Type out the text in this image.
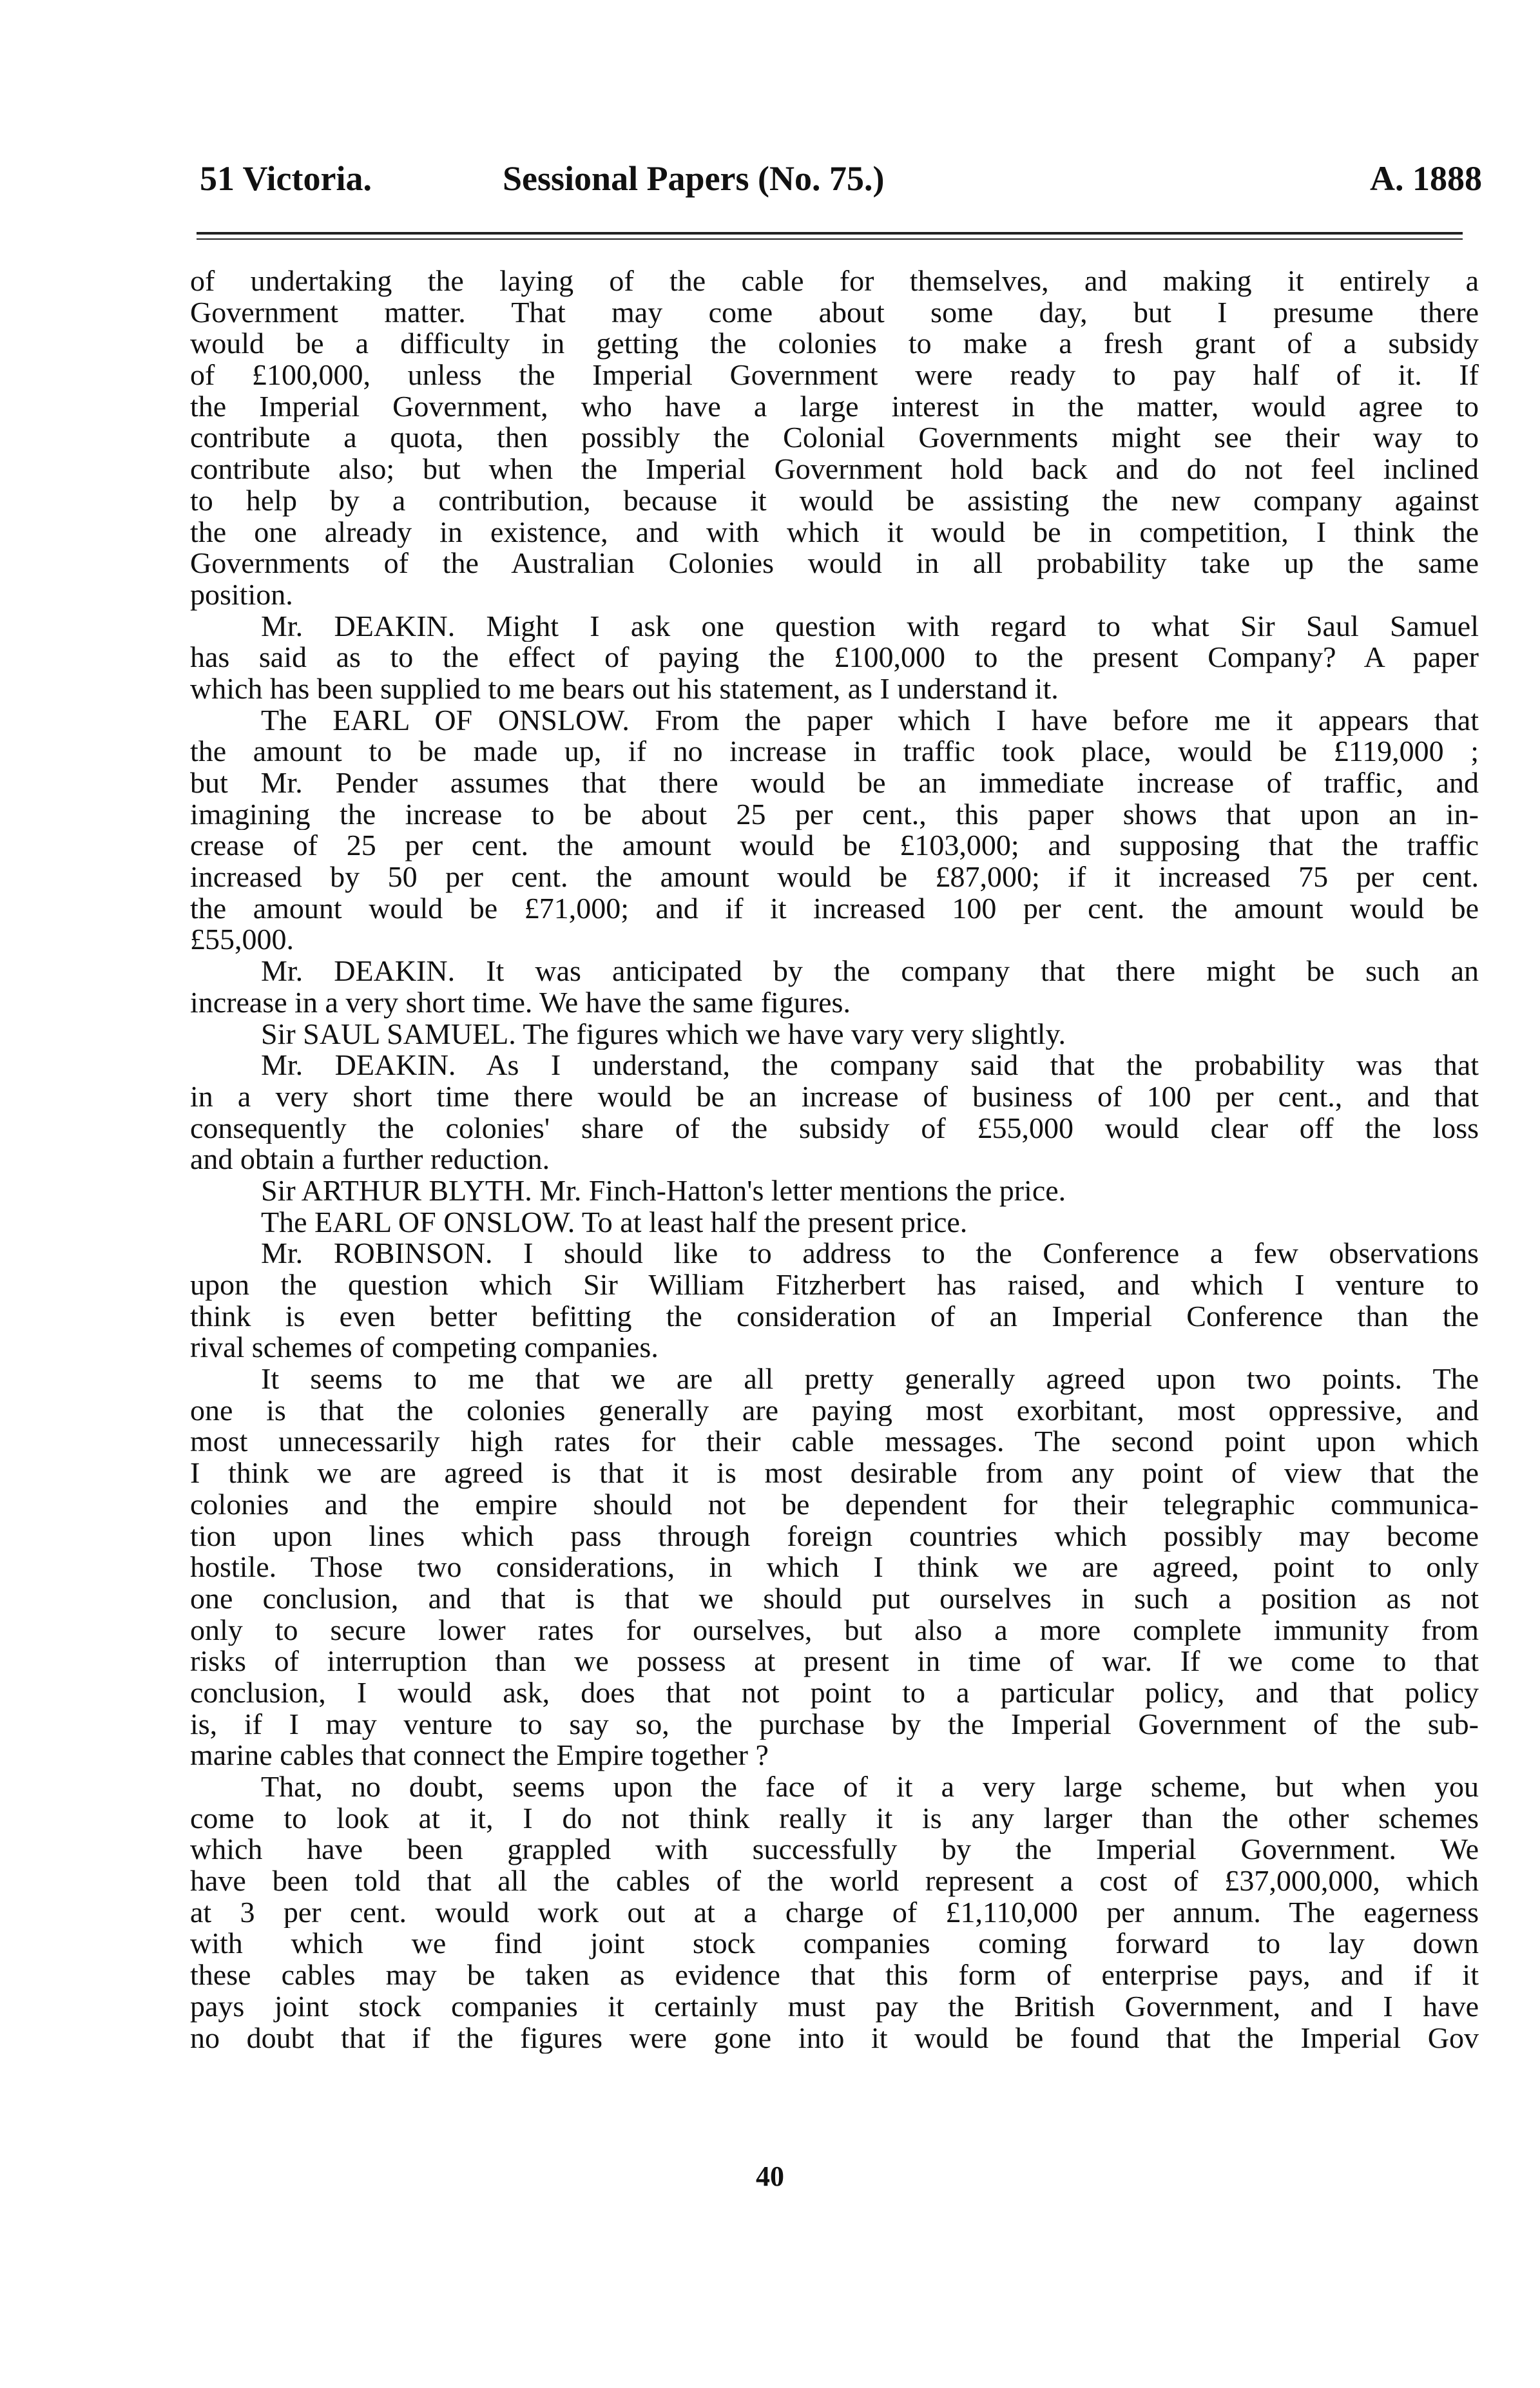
51 Victoria.	Sessional Papers (No. 75.)	A. 1888
of undertaking the laying of the cable for themselves, and making it entirely a
Government matter. That may come about some day, but I presume there
would be a difficulty in getting the colonies to make a fresh grant of a subsidy
of £100,000, unless the Imperial Government were ready to pay half of it. If
the Imperial Government, who have a large interest in the matter, would agree to
contribute a quota, then possibly the Colonial Governments might see their way to
contribute also; but when the Imperial Government hold back and do not feel inclined
to help by a contribution, because it would be assisting the new company against
the one already in existence, and with which it would be in competition, I think the
Governments of the Australian Colonies would in all probability take up the same
position.
Mr. DEAKIN. Might I ask one question with regard to what Sir Saul Samuel
has said as to the effect of paying the £100,000 to the present Company? A paper
which has been supplied to me bears out his statement, as I understand it.
The EARL OF ONSLOW. From the paper which I have before me it appears that
the amount to be made up, if no increase in traffic took place, would be £119,000 ;
but Mr. Pender assumes that there would be an immediate increase of traffic, and
imagining the increase to be about 25 per cent., this paper shows that upon an in-
crease of 25 per cent. the amount would be £103,000; and supposing that the traffic
increased by 50 per cent. the amount would be £87,000; if it increased 75 per cent.
the amount would be £71,000; and if it increased 100 per cent. the amount would be
£55,000.
Mr. DEAKIN. It was anticipated by the company that there might be such an
increase in a very short time. We have the same figures.
Sir SAUL SAMUEL. The figures which we have vary very slightly.
Mr. DEAKIN. As I understand, the company said that the probability was that
in a very short time there would be an increase of business of 100 per cent., and that
consequently the colonies' share of the subsidy of £55,000 would clear off the loss
and obtain a further reduction.
Sir ARTHUR BLYTH. Mr. Finch-Hatton's letter mentions the price.
The EARL OF ONSLOW. To at least half the present price.
Mr. ROBINSON. I should like to address to the Conference a few observations
upon the question which Sir William Fitzherbert has raised, and which I venture to
think is even better befitting the consideration of an Imperial Conference than the
rival schemes of competing companies.
It seems to me that we are all pretty generally agreed upon two points. The
one is that the colonies generally are paying most exorbitant, most oppressive, and
most unnecessarily high rates for their cable messages. The second point upon which
I think we are agreed is that it is most desirable from any point of view that the
colonies and the empire should not be dependent for their telegraphic communica-
tion upon lines which pass through foreign countries which possibly may become
hostile. Those two considerations, in which I think we are agreed, point to only
one conclusion, and that is that we should put ourselves in such a position as not
only to secure lower rates for ourselves, but also a more complete immunity from
risks of interruption than we possess at present in time of war. If we come to that
conclusion, I would ask, does that not point to a particular policy, and that policy
is, if I may venture to say so, the purchase by the Imperial Government of the sub-
marine cables that connect the Empire together ?
That, no doubt, seems upon the face of it a very large scheme, but when you
come to look at it, I do not think really it is any larger than the other schemes
which have been grappled with successfully by the Imperial Government. We
have been told that all the cables of the world represent a cost of £37,000,000, which
at 3 per cent. would work out at a charge of £1,110,000 per annum. The eagerness
with which we find joint stock companies coming forward to lay down
these cables may be taken as evidence that this form of enterprise pays, and if it
pays joint stock companies it certainly must pay the British Government, and I have
no doubt that if the figures were gone into it would be found that the Imperial Gov
40
